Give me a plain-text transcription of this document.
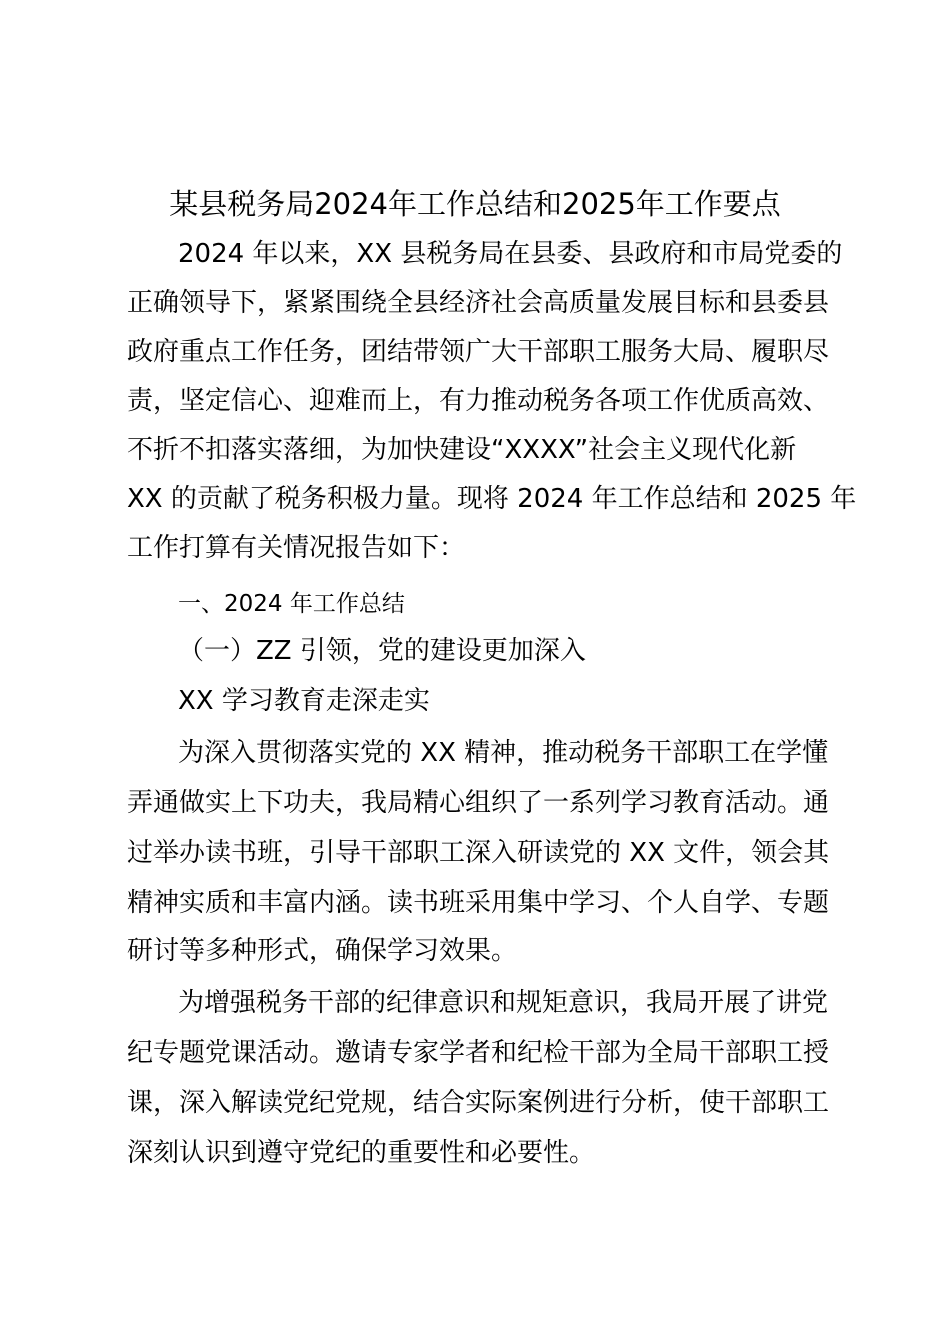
某县税务局2024年工作总结和2025年工作要点
2024 年以来，XX 县税务局在县委、县政府和市局党委的
正确领导下，紧紧围绕全县经济社会高质量发展目标和县委县
政府重点工作任务，团结带领广大干部职工服务大局、履职尽
责，坚定信心、迎难而上，有力推动税务各项工作优质高效、
不折不扣落实落细，为加快建设“XXXX”社会主义现代化新
XX 的贡献了税务积极力量。现将 2024 年工作总结和 2025 年
工作打算有关情况报告如下：
一、2024 年工作总结
（一）ZZ 引领，党的建设更加深入
XX 学习教育走深走实
为深入贯彻落实党的 XX 精神，推动税务干部职工在学懂
弄通做实上下功夫，我局精心组织了一系列学习教育活动。通
过举办读书班，引导干部职工深入研读党的 XX 文件，领会其
精神实质和丰富内涵。读书班采用集中学习、个人自学、专题
研讨等多种形式，确保学习效果。
为增强税务干部的纪律意识和规矩意识，我局开展了讲党
纪专题党课活动。邀请专家学者和纪检干部为全局干部职工授
课，深入解读党纪党规，结合实际案例进行分析，使干部职工
深刻认识到遵守党纪的重要性和必要性。
